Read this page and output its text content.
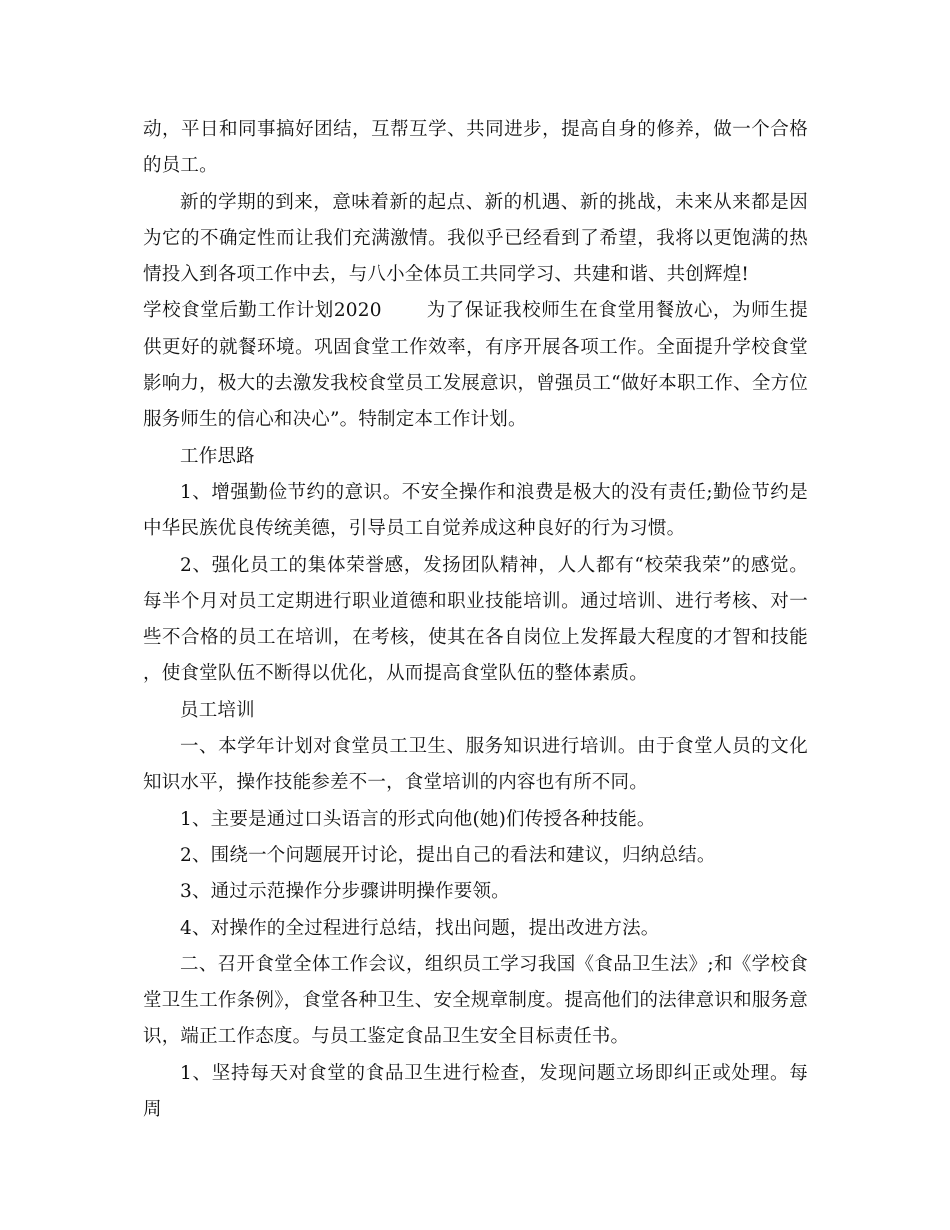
动，平日和同事搞好团结，互帮互学、共同进步，提高自身的修养，做一个合格的员工。

新的学期的到来，意味着新的起点、新的机遇、新的挑战，未来从来都是因为它的不确定性而让我们充满激情。我似乎已经看到了希望，我将以更饱满的热情投入到各项工作中去，与八小全体员工共同学习、共建和谐、共创辉煌!

学校食堂后勤工作计划2020　　 为了保证我校师生在食堂用餐放心，为师生提供更好的就餐环境。巩固食堂工作效率，有序开展各项工作。全面提升学校食堂影响力，极大的去激发我校食堂员工发展意识，曾强员工“做好本职工作、全方位服务师生的信心和决心”。特制定本工作计划。

工作思路

1、增强勤俭节约的意识。不安全操作和浪费是极大的没有责任;勤俭节约是中华民族优良传统美德，引导员工自觉养成这种良好的行为习惯。

2、强化员工的集体荣誉感，发扬团队精神，人人都有“校荣我荣”的感觉。每半个月对员工定期进行职业道德和职业技能培训。通过培训、进行考核、对一些不合格的员工在培训，在考核，使其在各自岗位上发挥最大程度的才智和技能，使食堂队伍不断得以优化，从而提高食堂队伍的整体素质。

员工培训

一、本学年计划对食堂员工卫生、服务知识进行培训。由于食堂人员的文化知识水平，操作技能参差不一，食堂培训的内容也有所不同。

1、主要是通过口头语言的形式向他(她)们传授各种技能。

2、围绕一个问题展开讨论，提出自己的看法和建议，归纳总结。

3、通过示范操作分步骤讲明操作要领。

4、对操作的全过程进行总结，找出问题，提出改进方法。

二、召开食堂全体工作会议，组织员工学习我国《食品卫生法》;和《学校食堂卫生工作条例》，食堂各种卫生、安全规章制度。提高他们的法律意识和服务意识，端正工作态度。与员工鉴定食品卫生安全目标责任书。

1、坚持每天对食堂的食品卫生进行检查，发现问题立场即纠正或处理。每周
